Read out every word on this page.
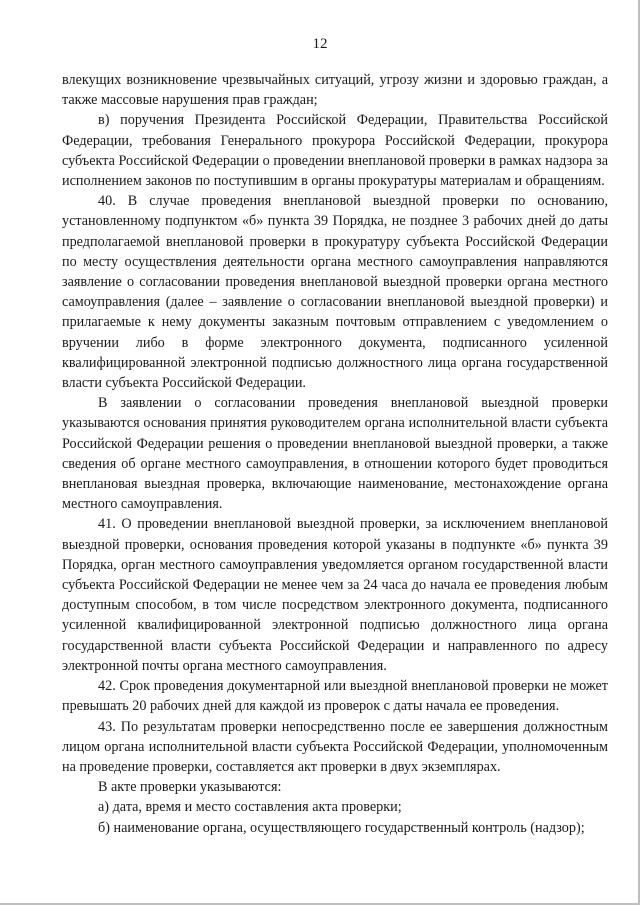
12

влекущих возникновение чрезвычайных ситуаций, угрозу жизни и здоровью граждан, а также массовые нарушения прав граждан;

в) поручения Президента Российской Федерации, Правительства Российской Федерации, требования Генерального прокурора Российской Федерации, прокурора субъекта Российской Федерации о проведении внеплановой проверки в рамках надзора за исполнением законов по поступившим в органы прокуратуры материалам и обращениям.

40. В случае проведения внеплановой выездной проверки по основанию, установленному подпунктом «б» пункта 39 Порядка, не позднее 3 рабочих дней до даты предполагаемой внеплановой проверки в прокуратуру субъекта Российской Федерации по месту осуществления деятельности органа местного самоуправления направляются заявление о согласовании проведения внеплановой выездной проверки органа местного самоуправления (далее – заявление о согласовании внеплановой выездной проверки) и прилагаемые к нему документы заказным почтовым отправлением с уведомлением о вручении либо в форме электронного документа, подписанного усиленной квалифицированной электронной подписью должностного лица органа государственной власти субъекта Российской Федерации.

В заявлении о согласовании проведения внеплановой выездной проверки указываются основания принятия руководителем органа исполнительной власти субъекта Российской Федерации решения о проведении внеплановой выездной проверки, а также сведения об органе местного самоуправления, в отношении которого будет проводиться внеплановая выездная проверка, включающие наименование, местонахождение органа местного самоуправления.

41. О проведении внеплановой выездной проверки, за исключением внеплановой выездной проверки, основания проведения которой указаны в подпункте «б» пункта 39 Порядка, орган местного самоуправления уведомляется органом государственной власти субъекта Российской Федерации не менее чем за 24 часа до начала ее проведения любым доступным способом, в том числе посредством электронного документа, подписанного усиленной квалифицированной электронной подписью должностного лица органа государственной власти субъекта Российской Федерации и направленного по адресу электронной почты органа местного самоуправления.

42. Срок проведения документарной или выездной внеплановой проверки не может превышать 20 рабочих дней для каждой из проверок с даты начала ее проведения.

43. По результатам проверки непосредственно после ее завершения должностным лицом органа исполнительной власти субъекта Российской Федерации, уполномоченным на проведение проверки, составляется акт проверки в двух экземплярах.

В акте проверки указываются:

а) дата, время и место составления акта проверки;

б) наименование органа, осуществляющего государственный контроль (надзор);
